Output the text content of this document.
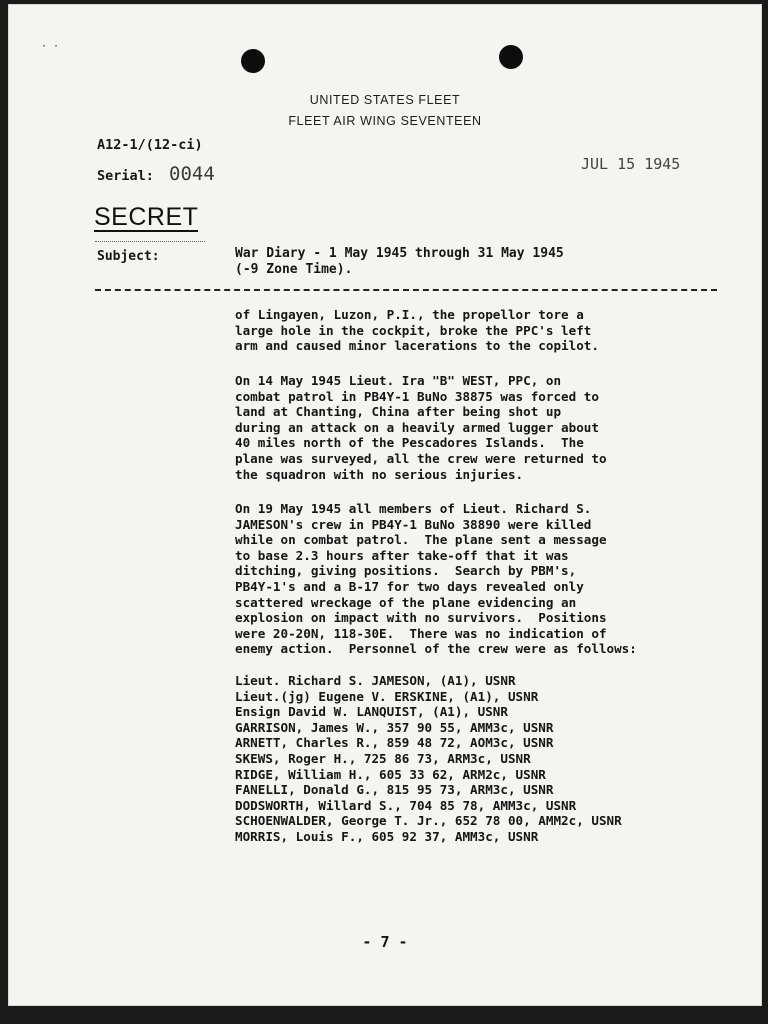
· ·
UNITED STATES FLEET
FLEET AIR WING SEVENTEEN
A12-1/(12-ci)
Serial: 0044	JUL 15 1945
SECRET
Subject:	War Diary - 1 May 1945 through 31 May 1945
(-9 Zone Time).
of Lingayen, Luzon, P.I., the propellor tore a
large hole in the cockpit, broke the PPC's left
arm and caused minor lacerations to the copilot.
On 14 May 1945 Lieut. Ira "B" WEST, PPC, on
combat patrol in PB4Y-1 BuNo 38875 was forced to
land at Chanting, China after being shot up
during an attack on a heavily armed lugger about
40 miles north of the Pescadores Islands.  The
plane was surveyed, all the crew were returned to
the squadron with no serious injuries.
On 19 May 1945 all members of Lieut. Richard S.
JAMESON's crew in PB4Y-1 BuNo 38890 were killed
while on combat patrol.  The plane sent a message
to base 2.3 hours after take-off that it was
ditching, giving positions.  Search by PBM's,
PB4Y-1's and a B-17 for two days revealed only
scattered wreckage of the plane evidencing an
explosion on impact with no survivors.  Positions
were 20-20N, 118-30E.  There was no indication of
enemy action.  Personnel of the crew were as follows:
Lieut. Richard S. JAMESON, (A1), USNR
Lieut.(jg) Eugene V. ERSKINE, (A1), USNR
Ensign David W. LANQUIST, (A1), USNR
GARRISON, James W., 357 90 55, AMM3c, USNR
ARNETT, Charles R., 859 48 72, AOM3c, USNR
SKEWS, Roger H., 725 86 73, ARM3c, USNR
RIDGE, William H., 605 33 62, ARM2c, USNR
FANELLI, Donald G., 815 95 73, ARM3c, USNR
DODSWORTH, Willard S., 704 85 78, AMM3c, USNR
SCHOENWALDER, George T. Jr., 652 78 00, AMM2c, USNR
MORRIS, Louis F., 605 92 37, AMM3c, USNR
- 7 -
